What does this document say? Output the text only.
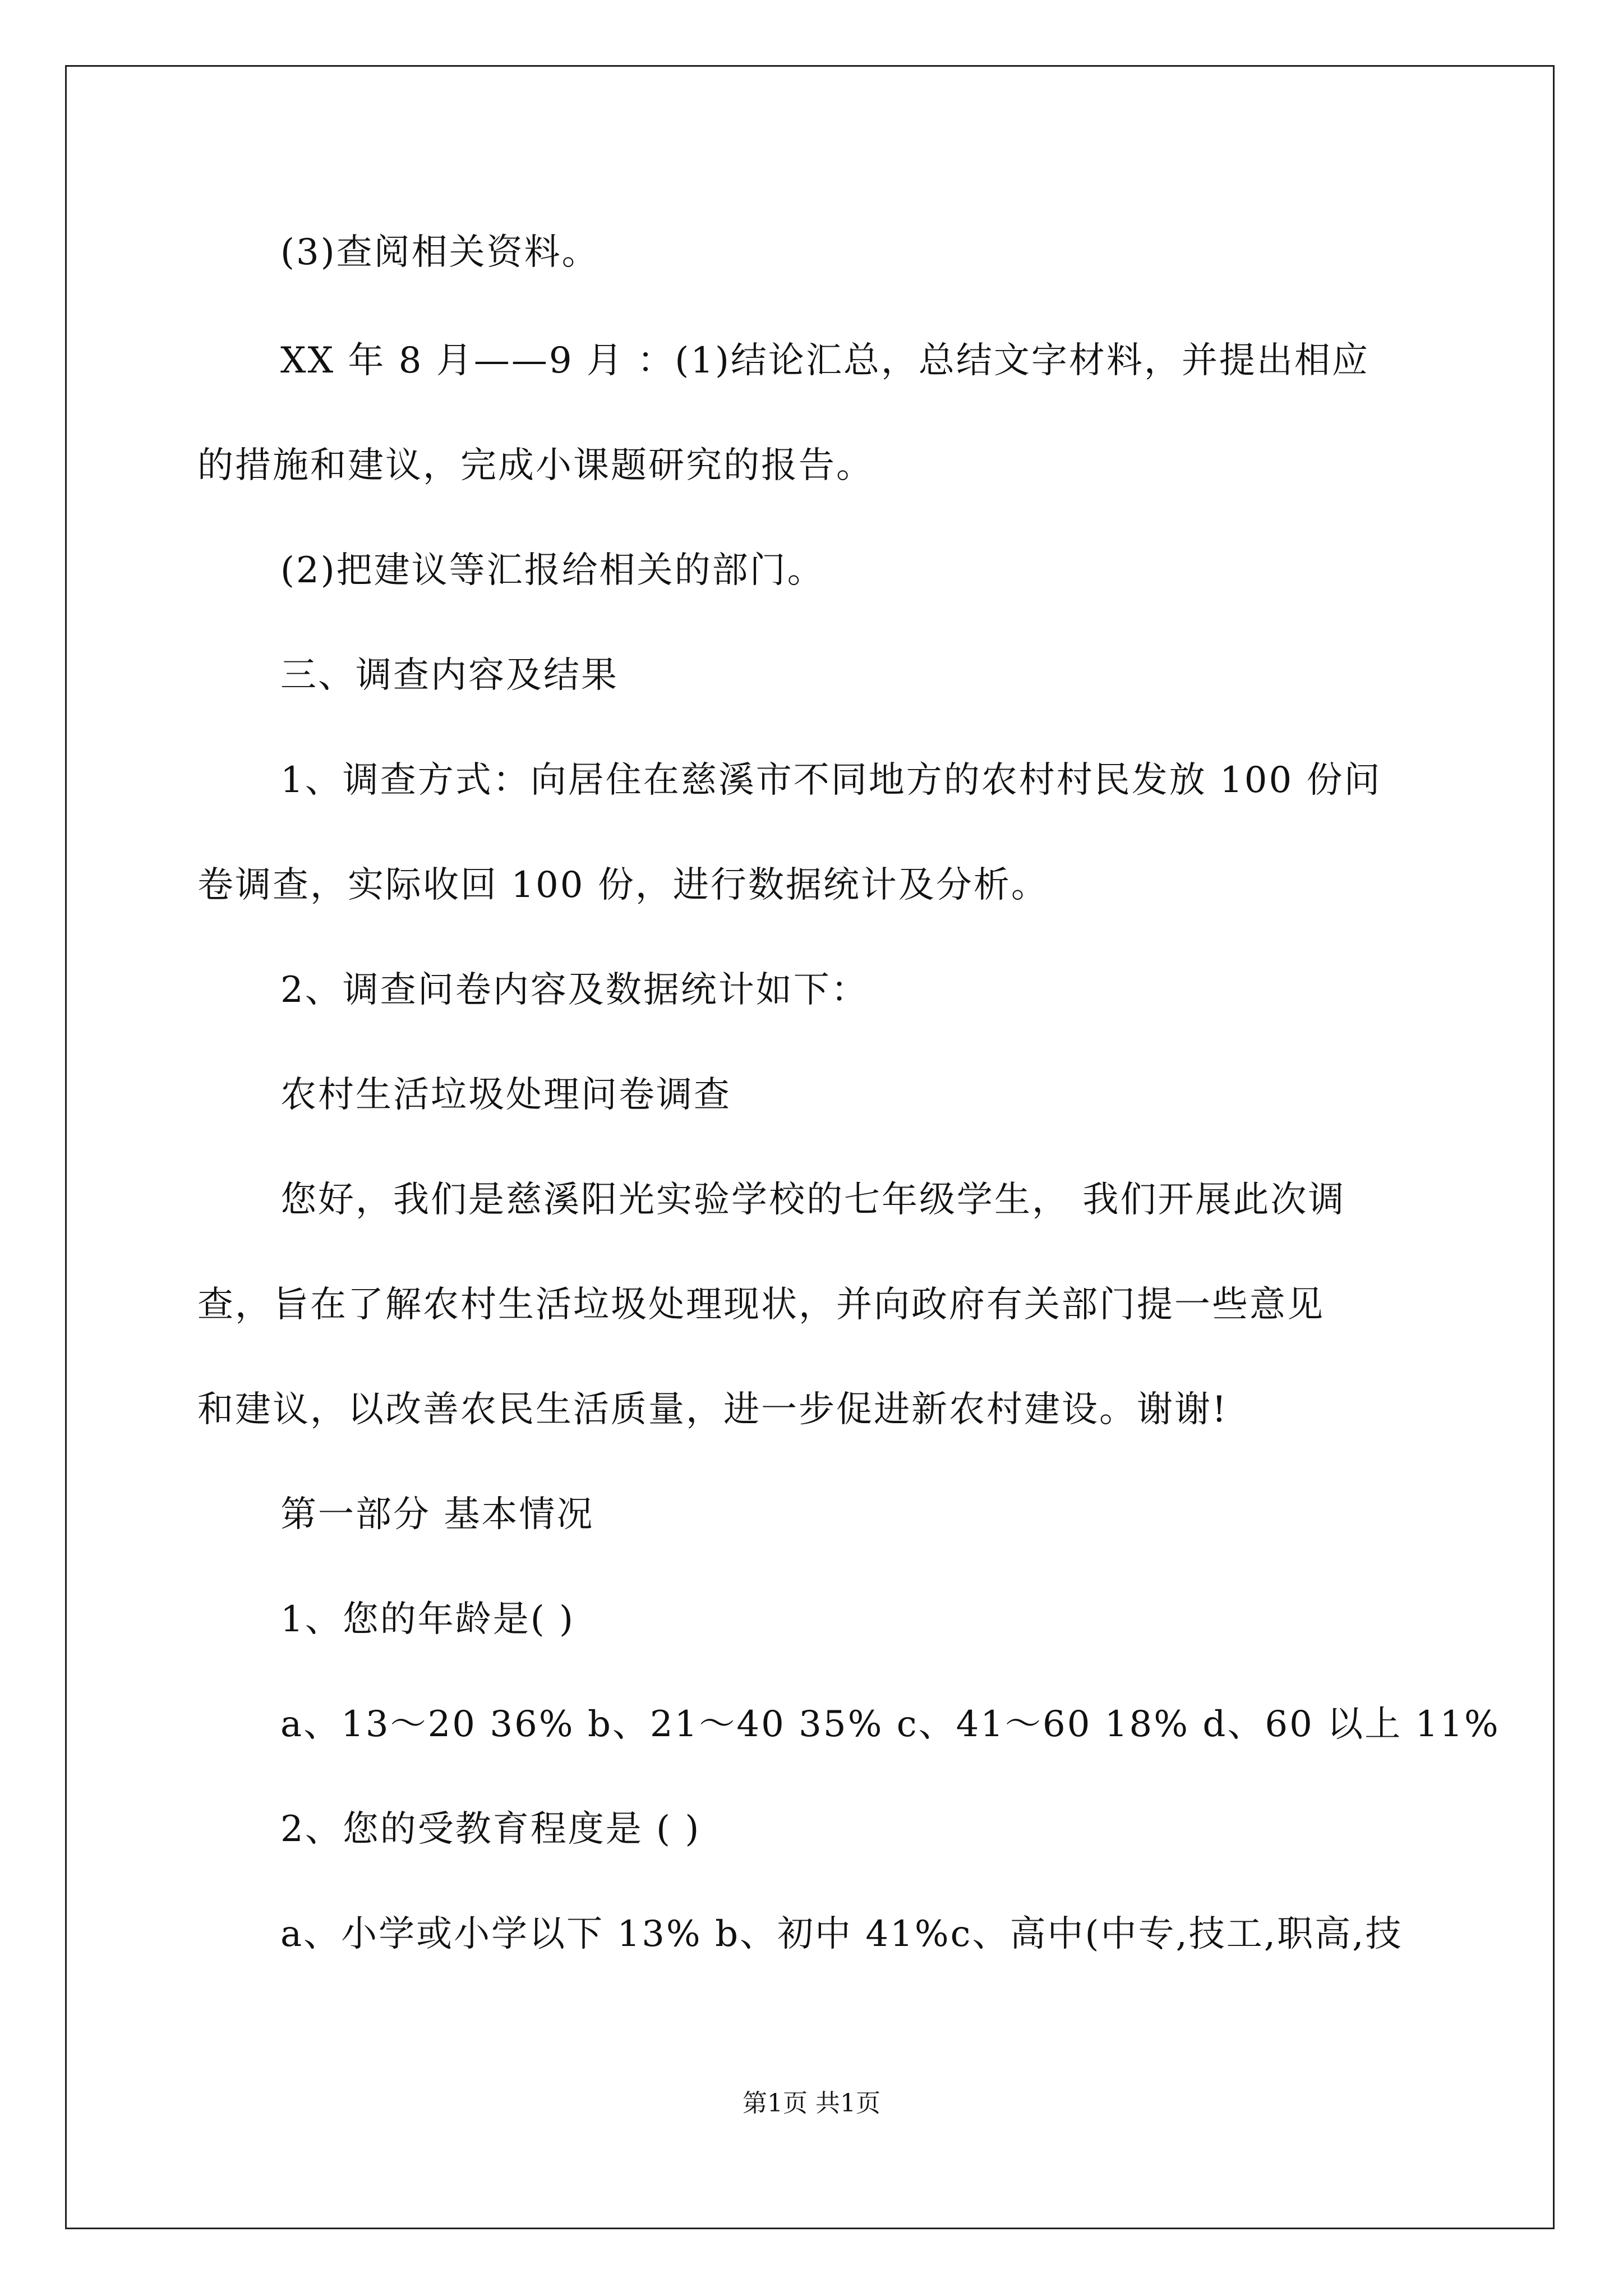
(3)查阅相关资料。
XX 年 8 月——9 月 ：(1)结论汇总，总结文字材料，并提出相应
的措施和建议，完成小课题研究的报告。
(2)把建议等汇报给相关的部门。
三、调查内容及结果
1、调查方式：向居住在慈溪市不同地方的农村村民发放 100 份问
卷调查，实际收回 100 份，进行数据统计及分析。
2、调查问卷内容及数据统计如下：
农村生活垃圾处理问卷调查
您好，我们是慈溪阳光实验学校的七年级学生， 我们开展此次调
查，旨在了解农村生活垃圾处理现状，并向政府有关部门提一些意见
和建议，以改善农民生活质量，进一步促进新农村建设。谢谢!
第一部分 基本情况
1、您的年龄是( )
a、13～20 36% b、21～40 35% c、41～60 18% d、60 以上 11%
2、您的受教育程度是 ( )
a、小学或小学以下 13% b、初中 41%c、高中(中专,技工,职高,技
第1页 共1页
